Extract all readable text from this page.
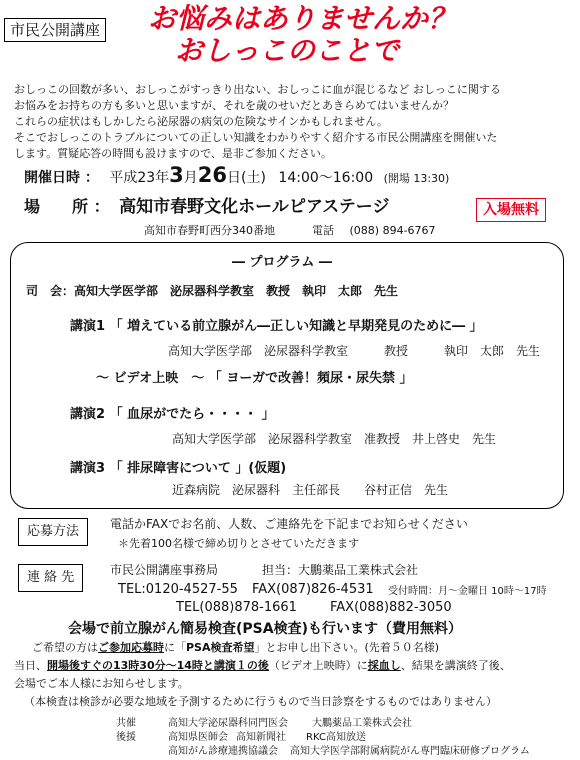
市民公開講座 お悩みはありませんか？
おしっこのことで
おしっこの回数が多い、おしっこがすっきり出ない、おしっこに血が混じるなど おしっこに関する
お悩みをお持ちの方も多いと思いますが、それを歳のせいだとあきらめてはいませんか？
これらの症状はもしかしたら泌尿器の病気の危険なサインかもしれません。
そこでおしっこのトラブルについての正しい知識をわかりやすく紹介する市民公開講座を開催いた
します。質疑応答の時間も設けますので、是非ご参加ください。
開催日時 ： 平成23年3月26日(土) 14:00〜16:00 (開場 13:30)
場　　所 ： 高知市春野文化ホールピアステージ	入場無料
高知市春野町西分340番地	電話 (088) 894-6767
― プログラム ―
司　会：高知大学医学部　泌尿器科学教室　教授　執印　太郎　先生
講演1 「 増えている前立腺がん―正しい知識と早期発見のために― 」
高知大学医学部　泌尿器科学教室　　　教授　　　執印　太郎　先生
～ ビデオ上映　～ 「 ヨーガで改善！頻尿・尿失禁 」
講演2 「 血尿がでたら・・・・ 」
高知大学医学部　泌尿器科学教室　准教授　井上啓史　先生
講演3 「 排尿障害について 」(仮題)
近森病院　泌尿器科　主任部長　　谷村正信　先生
応募方法	電話かFAXでお名前、人数、ご連絡先を下記までお知らせください
＊先着100名様で締め切りとさせていただきます
連 絡 先	市民公開講座事務局	担当：大鵬薬品工業株式会社
TEL:0120-4527-55 FAX(087)826-4531 受付時間：月～金曜日 10時～17時
TEL(088)878-1661	FAX(088)882-3050
会場で前立腺がん簡易検査(PSA検査)も行います（費用無料）
ご希望の方はご参加応募時に「PSA検査希望」とお申し出下さい。(先着５０名様)
当日、開場後すぐの13時30分～14時と講演１の後（ビデオ上映時）に採血し、結果を講演終了後、
会場でご本人様にお知らせします。
（本検査は検診が必要な地域を予測するために行うもので当日診察をするものではありません）
共催	高知大学泌尿器科同門医会 大鵬薬品工業株式会社
後援	高知県医師会 高知新聞社 RKC高知放送
高知がん診療連携協議会 高知大学医学部附属病院がん専門臨床研修プログラム
